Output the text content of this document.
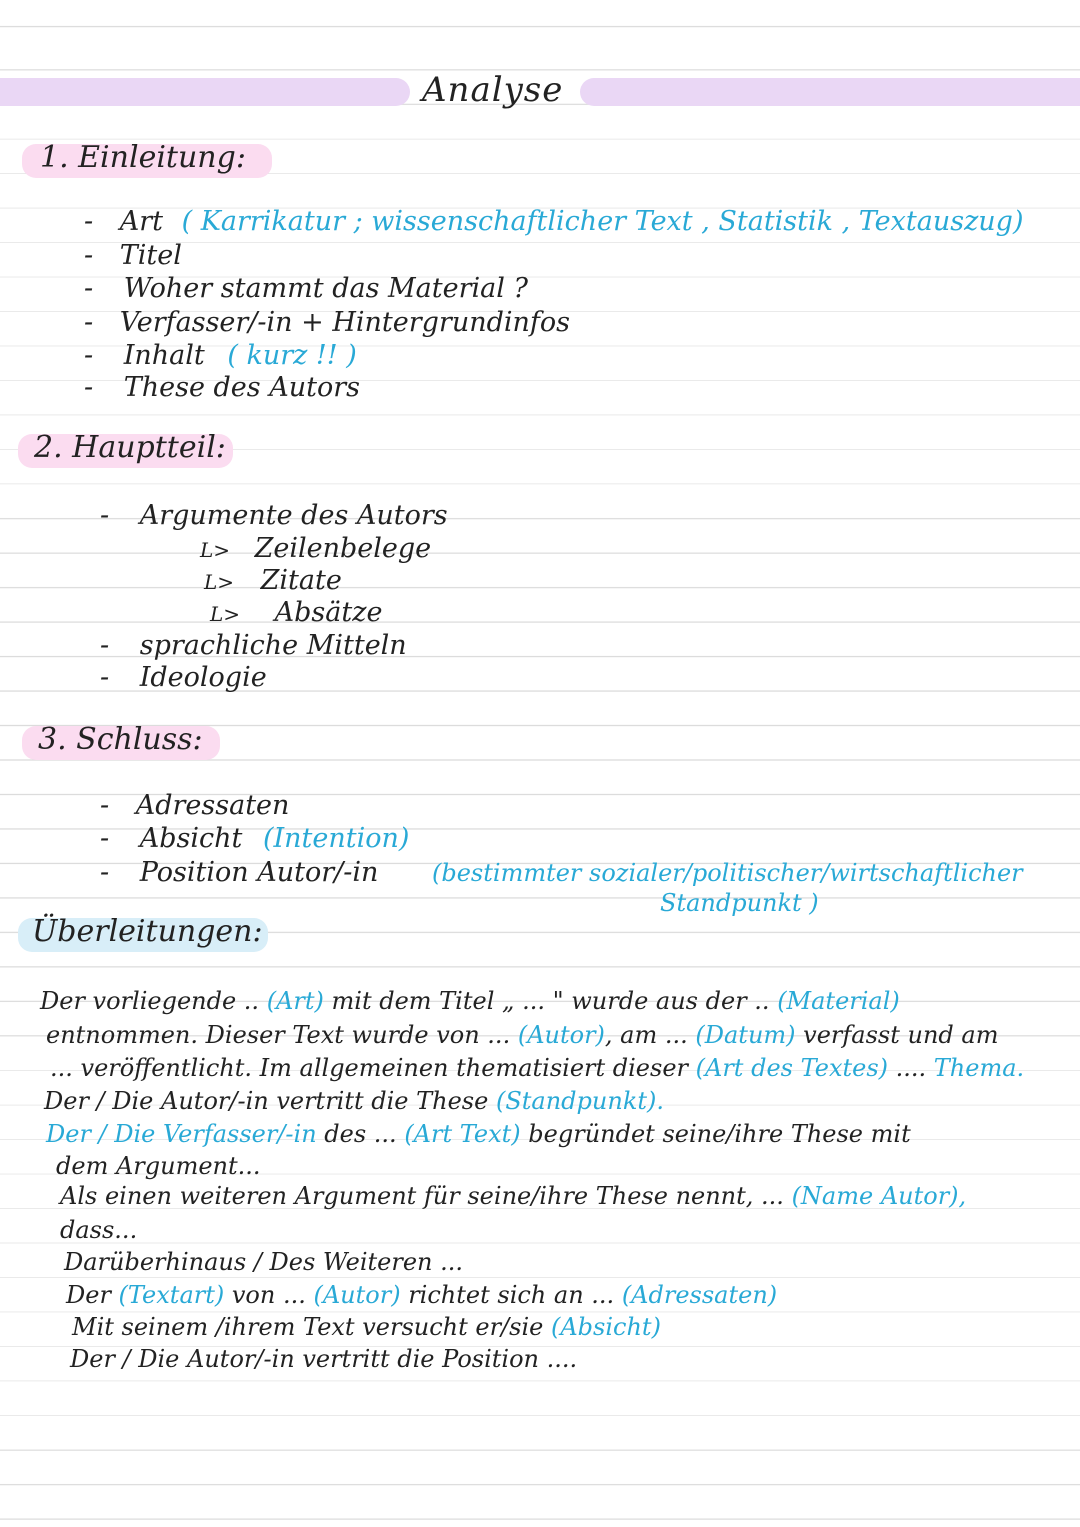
Analyse
1. Einleitung:
- Art ( Karrikatur ; wissenschaftlicher Text , Statistik , Textauszug)
- Titel
- Woher stammt das Material ?
- Verfasser/-in + Hintergrundinfos
- Inhalt ( kurz !! )
- These des Autors
2. Hauptteil:
- Argumente des Autors
L> Zeilenbelege
L> Zitate
L> Absätze
- sprachliche Mitteln
- Ideologie
3. Schluss:
- Adressaten
- Absicht (Intention)
- Position Autor/-in (bestimmter sozialer/politischer/wirtschaftlicher
Standpunkt )
Überleitungen:
Der vorliegende .. (Art) mit dem Titel „ ... " wurde aus der .. (Material)
entnommen. Dieser Text wurde von ... (Autor), am ... (Datum) verfasst und am
... veröffentlicht. Im allgemeinen thematisiert dieser (Art des Textes) .... Thema.
Der / Die Autor/-in vertritt die These (Standpunkt).
Der / Die Verfasser/-in des ... (Art Text) begründet seine/ihre These mit
dem Argument...
Als einen weiteren Argument für seine/ihre These nennt, ... (Name Autor),
dass...
Darüberhinaus / Des Weiteren ...
Der (Textart) von ... (Autor) richtet sich an ... (Adressaten)
Mit seinem /ihrem Text versucht er/sie (Absicht)
Der / Die Autor/-in vertritt die Position ....
